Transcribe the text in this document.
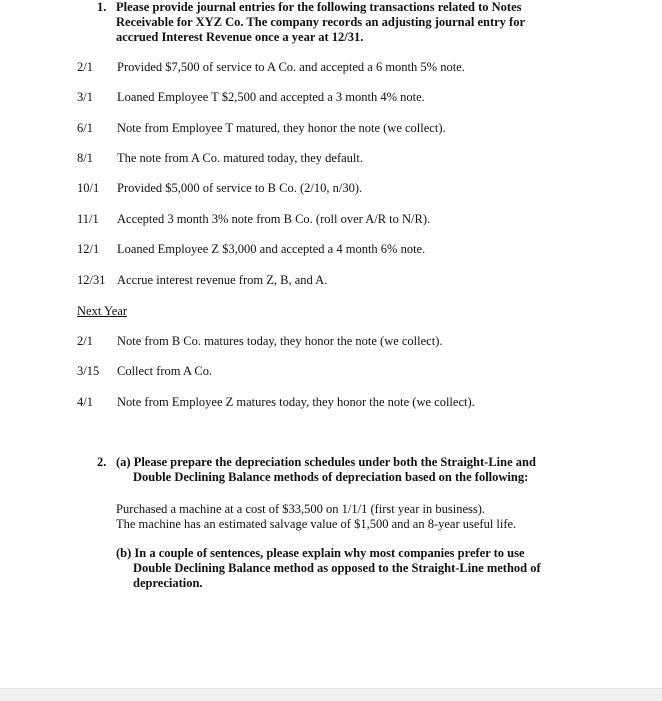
1. Please provide journal entries for the following transactions related to Notes
Receivable for XYZ Co. The company records an adjusting journal entry for
accrued Interest Revenue once a year at 12/31.
2/1 Provided $7,500 of service to A Co. and accepted a 6 month 5% note.
3/1 Loaned Employee T $2,500 and accepted a 3 month 4% note.
6/1 Note from Employee T matured, they honor the note (we collect).
8/1 The note from A Co. matured today, they default.
10/1 Provided $5,000 of service to B Co. (2/10, n/30).
11/1 Accepted 3 month 3% note from B Co. (roll over A/R to N/R).
12/1 Loaned Employee Z $3,000 and accepted a 4 month 6% note.
12/31 Accrue interest revenue from Z, B, and A.
Next Year
2/1 Note from B Co. matures today, they honor the note (we collect).
3/15 Collect from A Co.
4/1 Note from Employee Z matures today, they honor the note (we collect).
2. (a) Please prepare the depreciation schedules under both the Straight-Line and
Double Declining Balance methods of depreciation based on the following:
Purchased a machine at a cost of $33,500 on 1/1/1 (first year in business).
The machine has an estimated salvage value of $1,500 and an 8-year useful life.
(b) In a couple of sentences, please explain why most companies prefer to use
Double Declining Balance method as opposed to the Straight-Line method of
depreciation.
